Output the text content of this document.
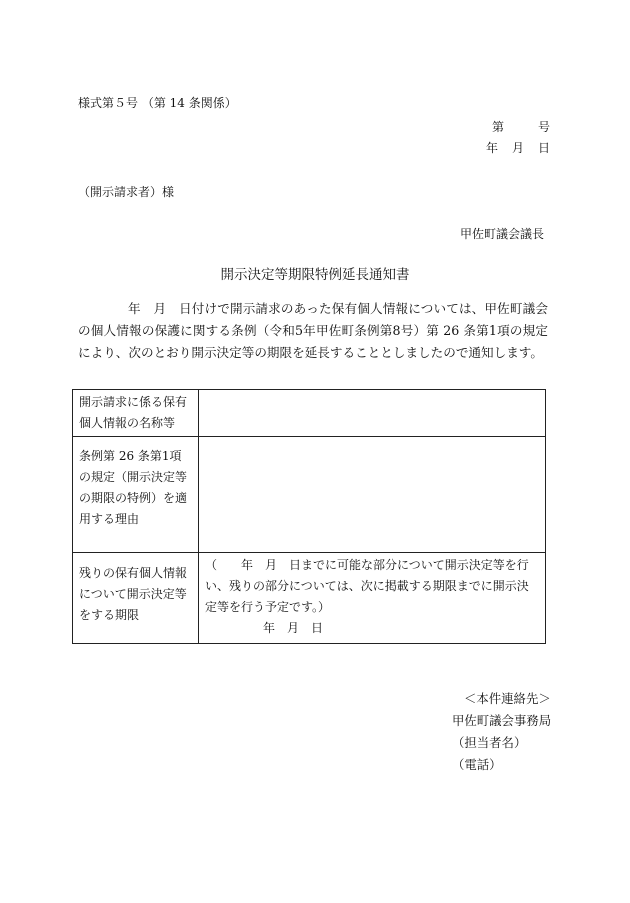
様式第５号 （第 14 条関係）
第	号
年 月 日
（開示請求者）様
甲佐町議会議長
開示決定等期限特例延長通知書
年　月　日付けで開示請求のあった保有個人情報については、甲佐町議会の個人情報の保護に関する条例（令和5年甲佐町条例第8号）第 26 条第1項の規定により、次のとおり開示決定等の期限を延長することとしましたので通知します。
開示請求に係る保有個人情報の名称等	
条例第 26 条第1項の規定（開示決定等の期限の特例）を適用する理由	
残りの保有個人情報について開示決定等をする期限	（　　年　月　日までに可能な部分について開示決定等を行い、残りの部分については、次に掲載する期限までに開示決定等を行う予定です。）
年　月　日
＜本件連絡先＞
甲佐町議会事務局
（担当者名）
（電話）
